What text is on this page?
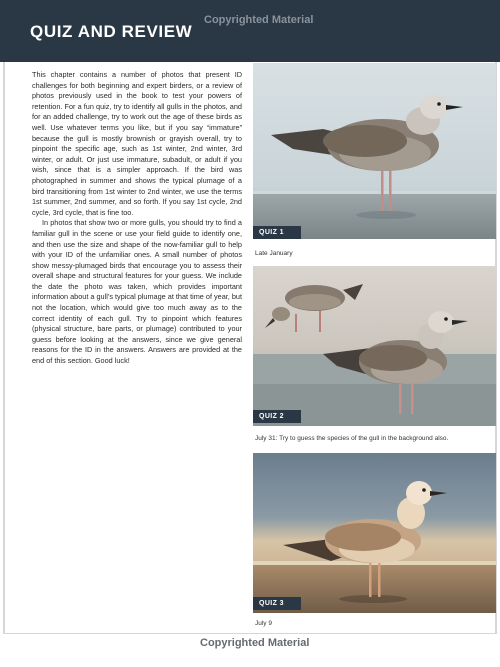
QUIZ AND REVIEW
Copyrighted Material

This chapter contains a number of photos that present ID challenges for both beginning and expert birders, or a review of photos previously used in the book to test your powers of retention. For a fun quiz, try to identify all gulls in the photos, and for an added challenge, try to work out the age of these birds as well. Use whatever terms you like, but if you say “immature” because the gull is mostly brownish or grayish overall, try to pinpoint the specific age, such as 1st winter, 2nd winter, 3rd winter, or adult. Or just use immature, subadult, or adult if you wish, since that is a simpler approach. If the bird was photographed in summer and shows the typical plumage of a bird transitioning from 1st winter to 2nd winter, we use the terms 1st summer, 2nd summer, and so forth. If you say 1st cycle, 2nd cycle, 3rd cycle, that is fine too.

In photos that show two or more gulls, you should try to find a familiar gull in the scene or use your field guide to identify one, and then use the size and shape of the now-familiar gull to help with your ID of the unfamiliar ones. A small number of photos show messy-plumaged birds that encourage you to assess their overall shape and structural features for your guess. We include the date the photo was taken, which provides important information about a gull’s typical plumage at that time of year, but not the location, which would give too much away as to the correct identity of each gull. Try to pinpoint which features (physical structure, bare parts, or plumage) contributed to your guess before looking at the answers, since we give general reasons for the ID in the answers. Answers are provided at the end of this section. Good luck!

QUIZ 1
Late January
QUIZ 2
July 31: Try to guess the species of the gull in the background also.
QUIZ 3
July 9
Copyrighted Material
